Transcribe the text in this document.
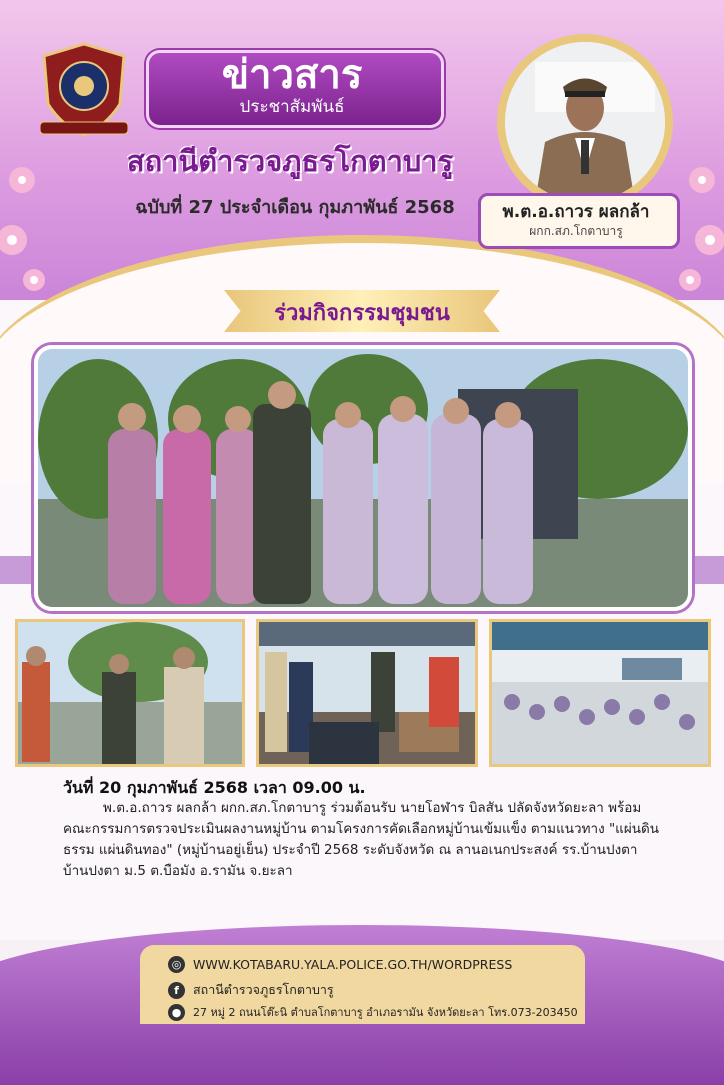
ข่าวสาร
ประชาสัมพันธ์
สถานีตำรวจภูธรโกตาบารู
ฉบับที่ 27 ประจำเดือน กุมภาพันธ์ 2568	พ.ต.อ.ถาวร ผลกล้า
ผกก.สภ.โกตาบารู
ร่วมกิจกรรมชุมชน
วันที่ 20 กุมภาพันธ์ 2568 เวลา 09.00 น.
พ.ต.อ.ถาวร ผลกล้า ผกก.สภ.โกตาบารู ร่วมต้อนรับ นายโอฬาร บิลสัน ปลัดจังหวัดยะลา พร้อม คณะกรรมการตรวจประเมินผลงานหมู่บ้าน ตามโครงการคัดเลือกหมู่บ้านเข้มแข็ง ตามแนวทาง "แผ่นดินธรรม แผ่นดินทอง" (หมู่บ้านอยู่เย็น) ประจำปี 2568 ระดับจังหวัด ณ ลานอเนกประสงค์ รร.บ้านปงตา บ้านปงตา ม.5 ต.บือมัง อ.รามัน จ.ยะลา
◎ WWW.KOTABARU.YALA.POLICE.GO.TH/WORDPRESS
f	สถานีตำรวจภูธรโกตาบารู
●	27 หมู่ 2 ถนนโต๊ะนิ ตำบลโกตาบารู อำเภอรามัน จังหวัดยะลา โทร.073-203450
